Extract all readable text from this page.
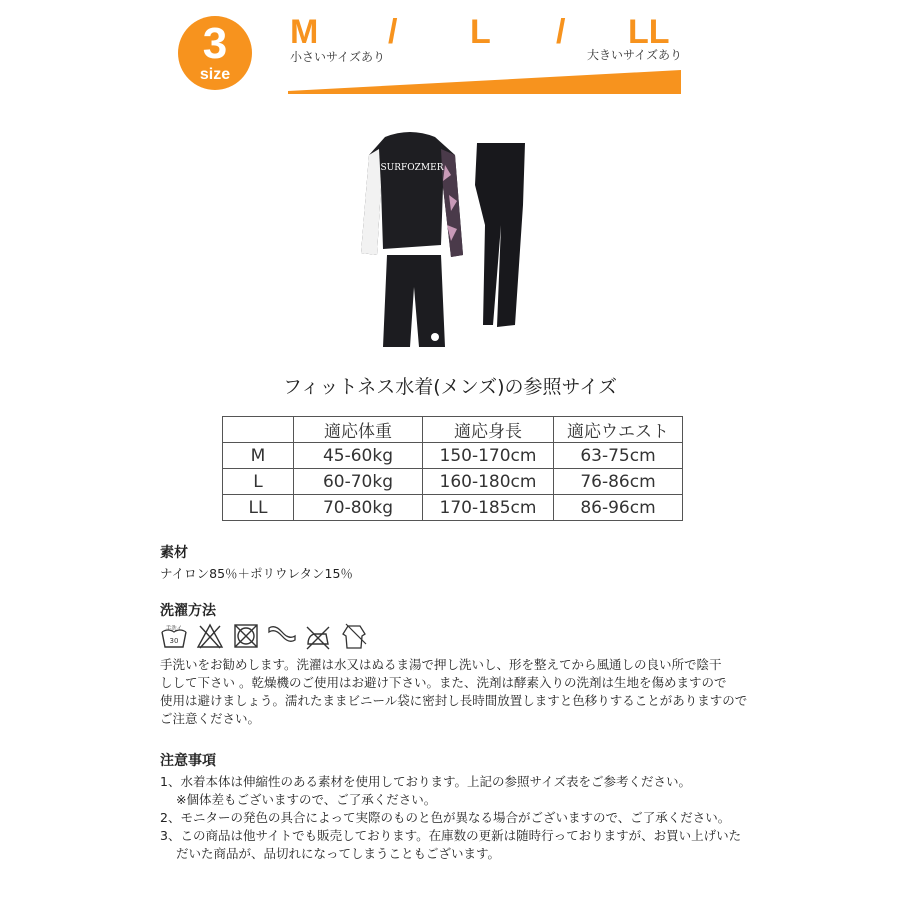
3
size
M / L / LL
小さいサイズあり	大きいサイズあり
SURFOZMER
フィットネス水着(メンズ)の参照サイズ
	適応体重	適応身長	適応ウエスト
M	45-60kg	150-170cm	63-75cm
L	60-70kg	160-180cm	76-86cm
LL	70-80kg	170-185cm	86-96cm
素材
ナイロン85％＋ポリウレタン15％
洗濯方法
手洗イ
30
手洗いをお勧めします。洗濯は水又はぬるま湯で押し洗いし、形を整えてから風通しの良い所で陰干
しして下さい 。乾燥機のご使用はお避け下さい。また、洗剤は酵素入りの洗剤は生地を傷めますので
使用は避けましょう。濡れたままビニール袋に密封し長時間放置しますと色移りすることがありますので
ご注意ください。
注意事項
1、水着本体は伸縮性のある素材を使用しております。上記の参照サイズ表をご参考ください。
※個体差もございますので、ご了承ください。
2、モニターの発色の具合によって実際のものと色が異なる場合がございますので、ご了承ください。
3、この商品は他サイトでも販売しております。在庫数の更新は随時行っておりますが、お買い上げいた
だいた商品が、品切れになってしまうこともございます。
